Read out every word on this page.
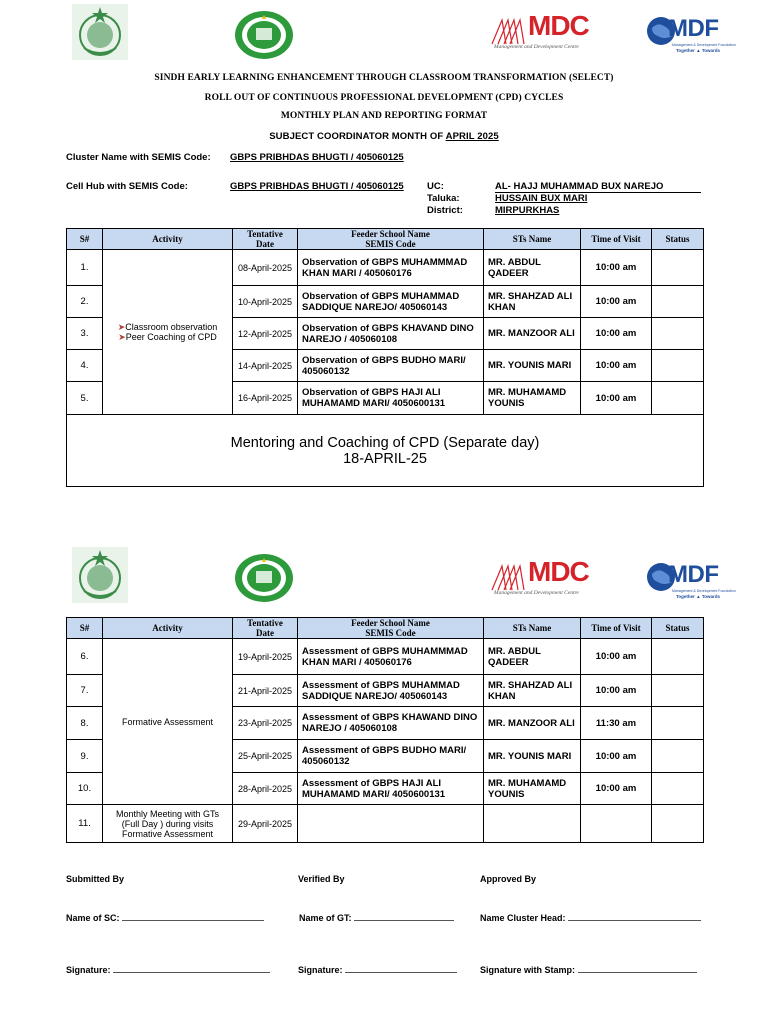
MDC
Management and Development Centre
MDF
Management & Development Foundation
Together ▲ Towards
SINDH EARLY LEARNING ENHANCEMENT THROUGH CLASSROOM TRANSFORMATION (SELECT)
ROLL OUT OF CONTINUOUS PROFESSIONAL DEVELOPMENT (CPD) CYCLES
MONTHLY PLAN AND REPORTING FORMAT
SUBJECT COORDINATOR MONTH OF APRIL 2025
Cluster Name with SEMIS Code: GBPS PRIBHDAS BHUGTI / 405060125
Cell Hub with SEMIS Code:	GBPS PRIBHDAS BHUGTI / 405060125 UC:	AL- HAJJ MUHAMMAD BUX NAREJO
Taluka:	HUSSAIN BUX MARI
District:	MIRPURKHAS
S#	Activity	Tentative
Date	Feeder School Name
SEMIS Code	STs Name	Time of Visit	Status
1.	➤Classroom observation
➤Peer Coaching of CPD	08-April-2025	Observation of GBPS MUHAMMMAD KHAN MARI / 405060176	MR. ABDUL QADEER	10:00 am	
2.		10-April-2025	Observation of GBPS MUHAMMAD SADDIQUE NAREJO/ 405060143	MR. SHAHZAD ALI KHAN	10:00 am	
3.		12-April-2025	Observation of GBPS KHAVAND DINO NAREJO / 405060108	MR. MANZOOR ALI	10:00 am	
4.		14-April-2025	Observation of GBPS BUDHO MARI/ 405060132	MR. YOUNIS MARI	10:00 am	
5.		16-April-2025	Observation of GBPS HAJI ALI MUHAMAMD MARI/ 4050600131	MR. MUHAMAMD YOUNIS	10:00 am	

Mentoring and Coaching of CPD (Separate day)
18-APRIL-25						
MDC
Management and Development Centre
MDF
Management & Development Foundation
Together ▲ Towards
S#	Activity	Tentative
Date	Feeder School Name
SEMIS Code	STs Name	Time of Visit	Status
6.	Formative Assessment	19-April-2025	Assessment of GBPS MUHAMMMAD KHAN MARI / 405060176	MR. ABDUL QADEER	10:00 am	
7.		21-April-2025	Assessment of GBPS MUHAMMAD SADDIQUE NAREJO/ 405060143	MR. SHAHZAD ALI KHAN	10:00 am	
8.		23-April-2025	Assessment of GBPS KHAWAND DINO NAREJO / 405060108	MR. MANZOOR ALI	11:30 am	
9.		25-April-2025	Assessment of GBPS BUDHO MARI/ 405060132	MR. YOUNIS MARI	10:00 am	
10.		28-April-2025	Assessment of GBPS HAJI ALI MUHAMAMD MARI/ 4050600131	MR. MUHAMAMD YOUNIS	10:00 am	
11.	Monthly Meeting with GTs
(Full Day ) during visits
Formative Assessment	29-April-2025				
Submitted By	Verified By	Approved By
Name of SC:	Name of GT:	Name Cluster Head:
Signature:	Signature:	Signature with Stamp:
